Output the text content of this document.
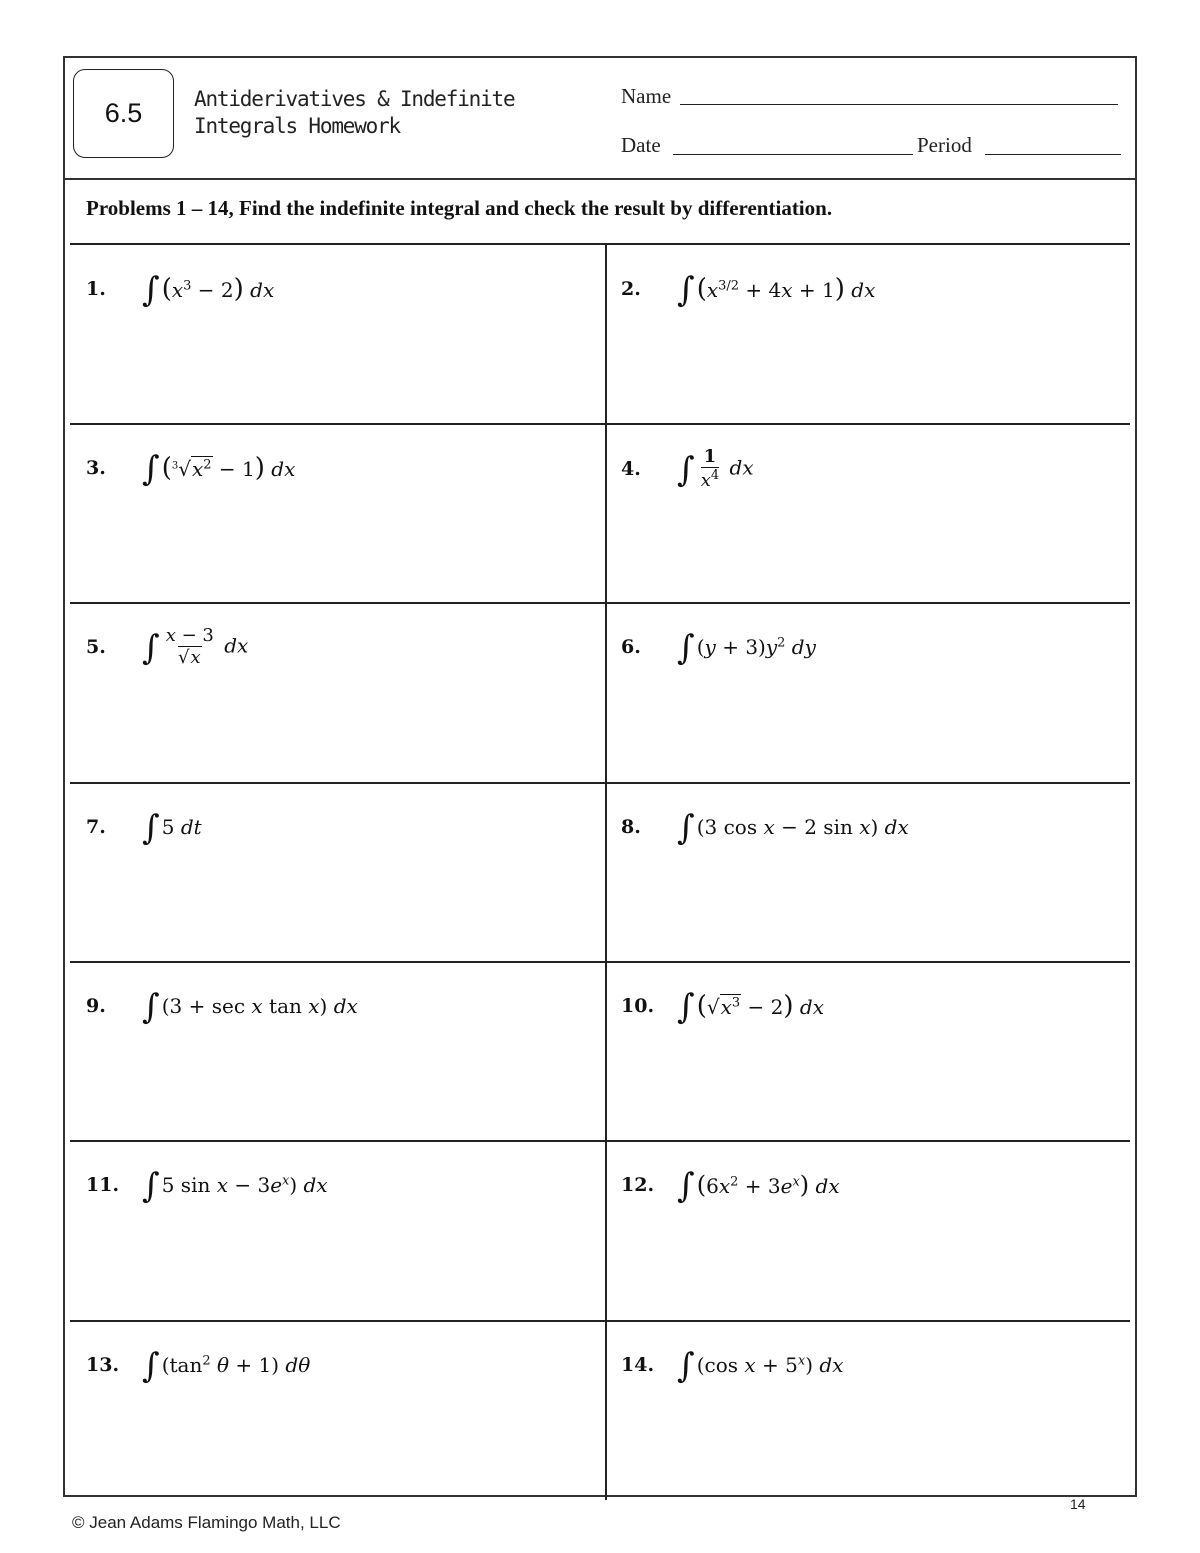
6.5	Antiderivatives & Indefinite Integrals Homework
Name
Date	Period
Problems 1 – 14, Find the indefinite integral and check the result by differentiation.
1.	∫ $(x^3 - 2)$ dx	2.	∫ $(x^{3/2} + 4x + 1)$ dx
3.	∫ $(^3√x^2 - 1)$ dx	4.	∫ $\frac{1}{x^4}$ dx
5.	∫ $\frac{x - 3}{√x}$ dx	6.	∫ $(y + 3)y^2$ dy
7.	∫ 5 dt	8.	∫ (3 cos x − 2 sin x) dx
9.	∫ (3 + sec x tan x) dx	10. ∫ $(√x^3 - 2)$ dx
11. ∫ 5 $\sin x - 3e^x$) dx	12. ∫ $(6x^2 + 3e^x)$ dx
13. ∫ ($\tan^2$ θ + 1) dθ	14. ∫ (cos $x + 5^x$) dx
14
© Jean Adams Flamingo Math, LLC
